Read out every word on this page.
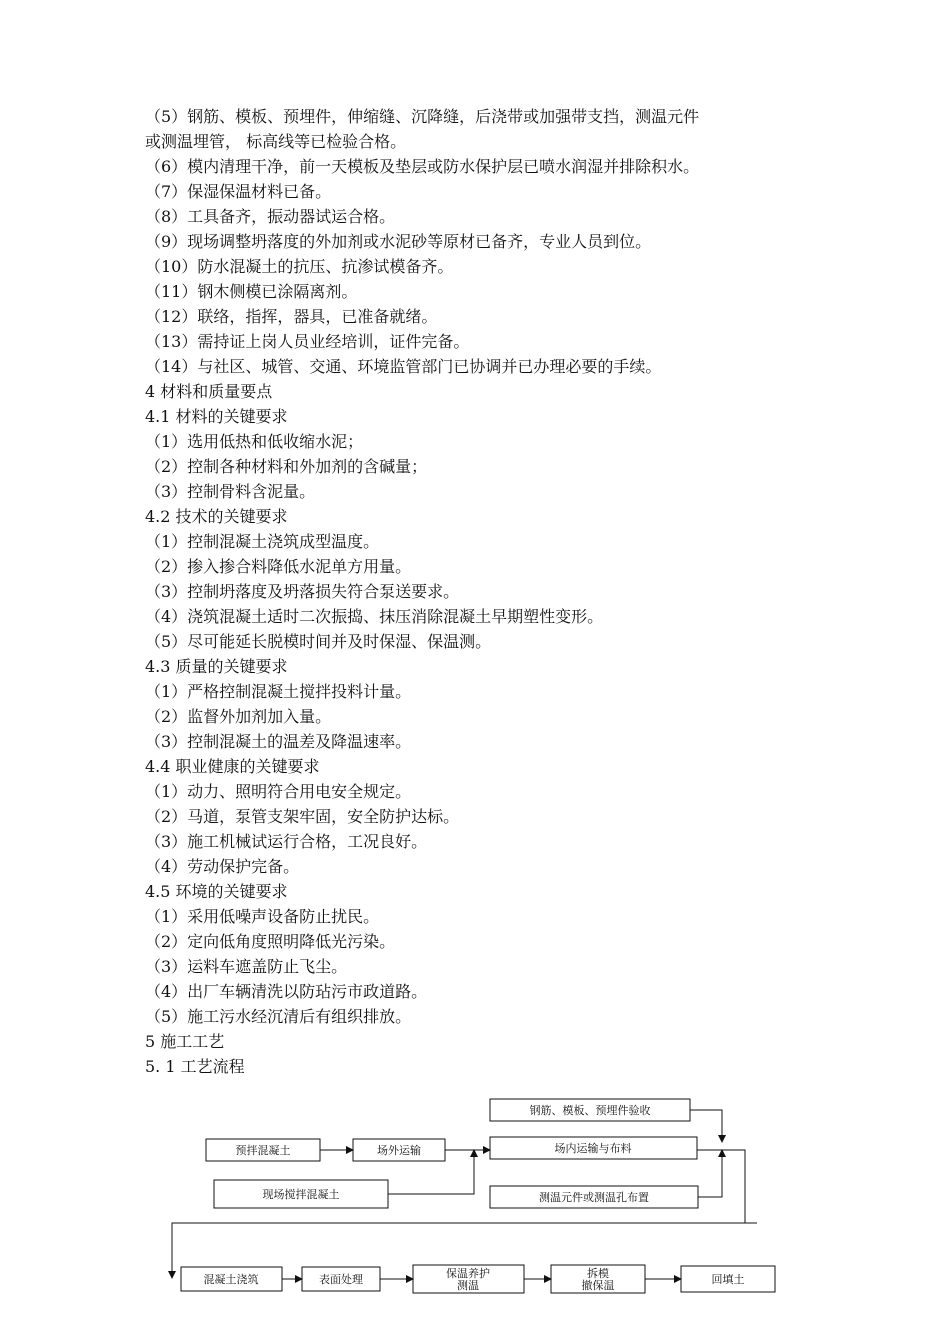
（5）钢筋、模板、预埋件，伸缩缝、沉降缝，后浇带或加强带支挡，测温元件
或测温埋管， 标高线等已检验合格。
（6）模内清理干净，前一天模板及垫层或防水保护层已喷水润湿并排除积水。
（7）保湿保温材料已备。
（8）工具备齐，振动器试运合格。
（9）现场调整坍落度的外加剂或水泥砂等原材已备齐，专业人员到位。
（10）防水混凝土的抗压、抗渗试模备齐。
（11）钢木侧模已涂隔离剂。
（12）联络，指挥，器具，已准备就绪。
（13）需持证上岗人员业经培训，证件完备。
（14）与社区、城管、交通、环境监管部门已协调并已办理必要的手续。
4 材料和质量要点
4.1 材料的关键要求
（1）选用低热和低收缩水泥；
（2）控制各种材料和外加剂的含碱量；
（3）控制骨料含泥量。
4.2 技术的关键要求
（1）控制混凝土浇筑成型温度。
（2）掺入掺合料降低水泥单方用量。
（3）控制坍落度及坍落损失符合泵送要求。
（4）浇筑混凝土适时二次振捣、抹压消除混凝土早期塑性变形。
（5）尽可能延长脱模时间并及时保湿、保温测。
4.3 质量的关键要求
（1）严格控制混凝土搅拌投料计量。
（2）监督外加剂加入量。
（3）控制混凝土的温差及降温速率。
4.4 职业健康的关键要求
（1）动力、照明符合用电安全规定。
（2）马道，泵管支架牢固，安全防护达标。
（3）施工机械试运行合格，工况良好。
（4）劳动保护完备。
4.5 环境的关键要求
（1）采用低噪声设备防止扰民。
（2）定向低角度照明降低光污染。
（3）运料车遮盖防止飞尘。
（4）出厂车辆清洗以防玷污市政道路。
（5）施工污水经沉清后有组织排放。
5 施工工艺
5. 1 工艺流程
钢筋、模板、预埋件验收
预拌混凝土	场外运输	场内运输与布料
现场搅拌混凝土	测温元件或测温孔布置
混凝土浇筑	表面处理	保温养护
测温
拆模
撤保温	回填土
